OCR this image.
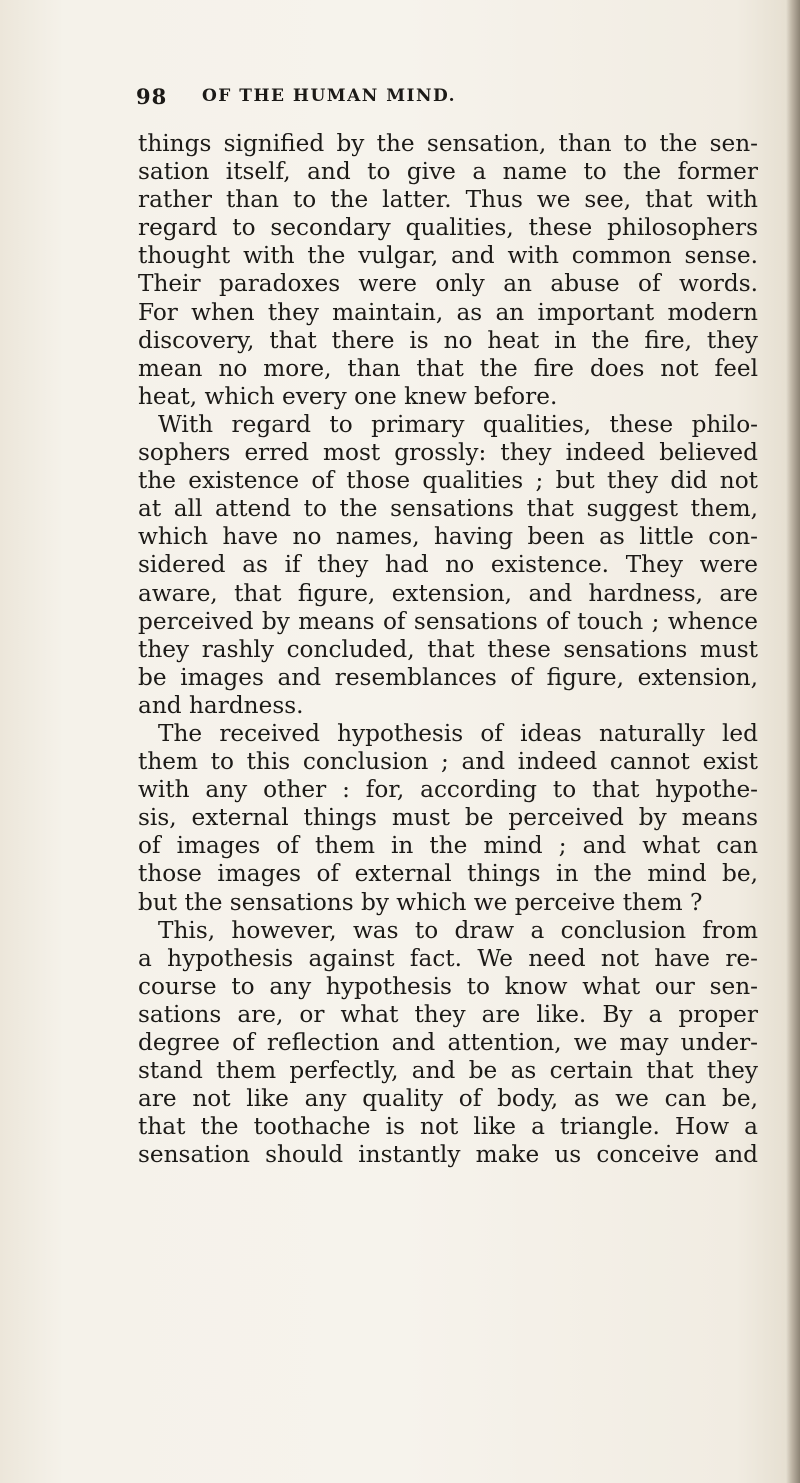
98 OF THE HUMAN MIND.
things signified by the sensation, than to the sen-
sation itself, and to give a name to the former
rather than to the latter. Thus we see, that with
regard to secondary qualities, these philosophers
thought with the vulgar, and with common sense.
Their paradoxes were only an abuse of words.
For when they maintain, as an important modern
discovery, that there is no heat in the fire, they
mean no more, than that the fire does not feel
heat, which every one knew before.
With regard to primary qualities, these philo-
sophers erred most grossly: they indeed believed
the existence of those qualities ; but they did not
at all attend to the sensations that suggest them,
which have no names, having been as little con-
sidered as if they had no existence. They were
aware, that figure, extension, and hardness, are
perceived by means of sensations of touch ; whence
they rashly concluded, that these sensations must
be images and resemblances of figure, extension,
and hardness.
The received hypothesis of ideas naturally led
them to this conclusion ; and indeed cannot exist
with any other : for, according to that hypothe-
sis, external things must be perceived by means
of images of them in the mind ; and what can
those images of external things in the mind be,
but the sensations by which we perceive them ?
This, however, was to draw a conclusion from
a hypothesis against fact. We need not have re-
course to any hypothesis to know what our sen-
sations are, or what they are like. By a proper
degree of reflection and attention, we may under-
stand them perfectly, and be as certain that they
are not like any quality of body, as we can be,
that the toothache is not like a triangle. How a
sensation should instantly make us conceive and
